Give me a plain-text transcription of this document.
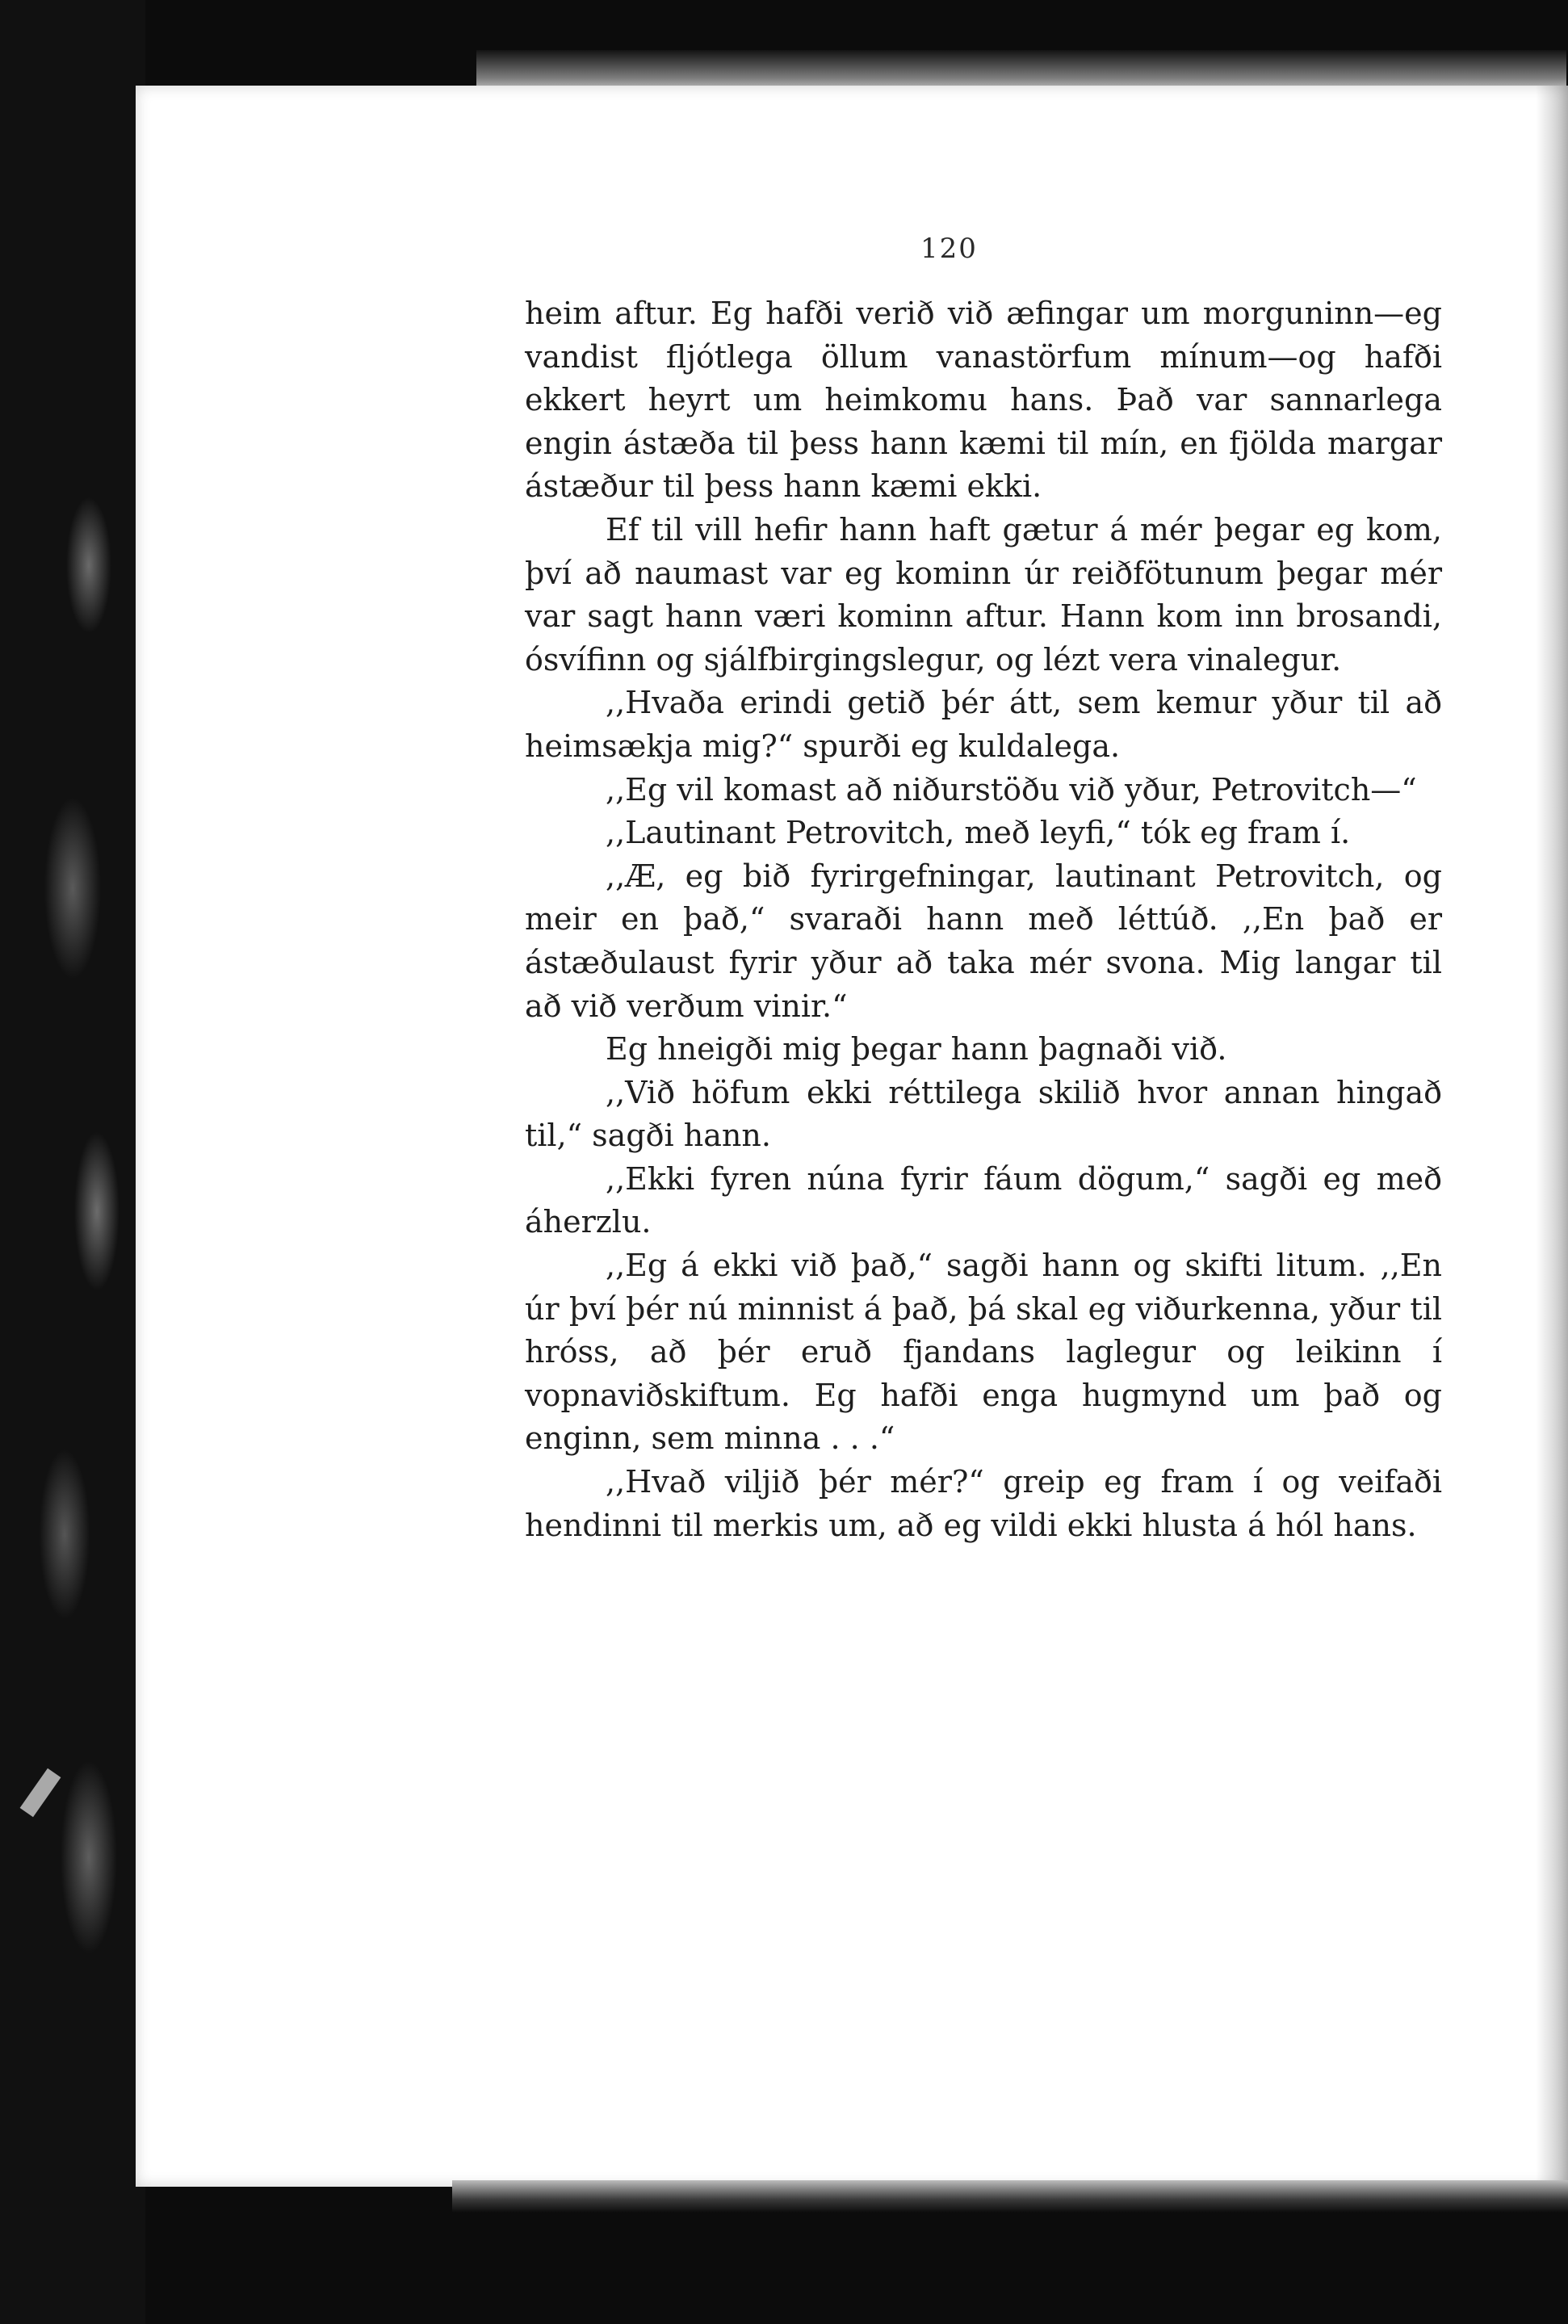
120

heim aftur. Eg hafði verið við æfingar um morguninn—eg vandist fljótlega öllum vanastörfum mínum—og hafði ekkert heyrt um heimkomu hans. Það var sannarlega engin ástæða til þess hann kæmi til mín, en fjölda margar ástæður til þess hann kæmi ekki.

Ef til vill hefir hann haft gætur á mér þegar eg kom, því að naumast var eg kominn úr reiðfötunum þegar mér var sagt hann væri kominn aftur. Hann kom inn brosandi, ósvífinn og sjálfbirgingslegur, og lézt vera vinalegur.

,,Hvaða erindi getið þér átt, sem kemur yður til að heimsækja mig?“ spurði eg kuldalega.

,,Eg vil komast að niðurstöðu við yður, Petrovitch—“

,,Lautinant Petrovitch, með leyfi,“ tók eg fram í.

,,Æ, eg bið fyrirgefningar, lautinant Petrovitch, og meir en það,“ svaraði hann með léttúð. ,,En það er ástæðulaust fyrir yður að taka mér svona. Mig langar til að við verðum vinir.“

Eg hneigði mig þegar hann þagnaði við.

,,Við höfum ekki réttilega skilið hvor annan hingað til,“ sagði hann.

,,Ekki fyren núna fyrir fáum dögum,“ sagði eg með áherzlu.

,,Eg á ekki við það,“ sagði hann og skifti litum. ,,En úr því þér nú minnist á það, þá skal eg viðurkenna, yður til hróss, að þér eruð fjandans laglegur og leikinn í vopnaviðskiftum. Eg hafði enga hugmynd um það og enginn, sem minna . . .“

,,Hvað viljið þér mér?“ greip eg fram í og veifaði hendinni til merkis um, að eg vildi ekki hlusta á hól hans.
